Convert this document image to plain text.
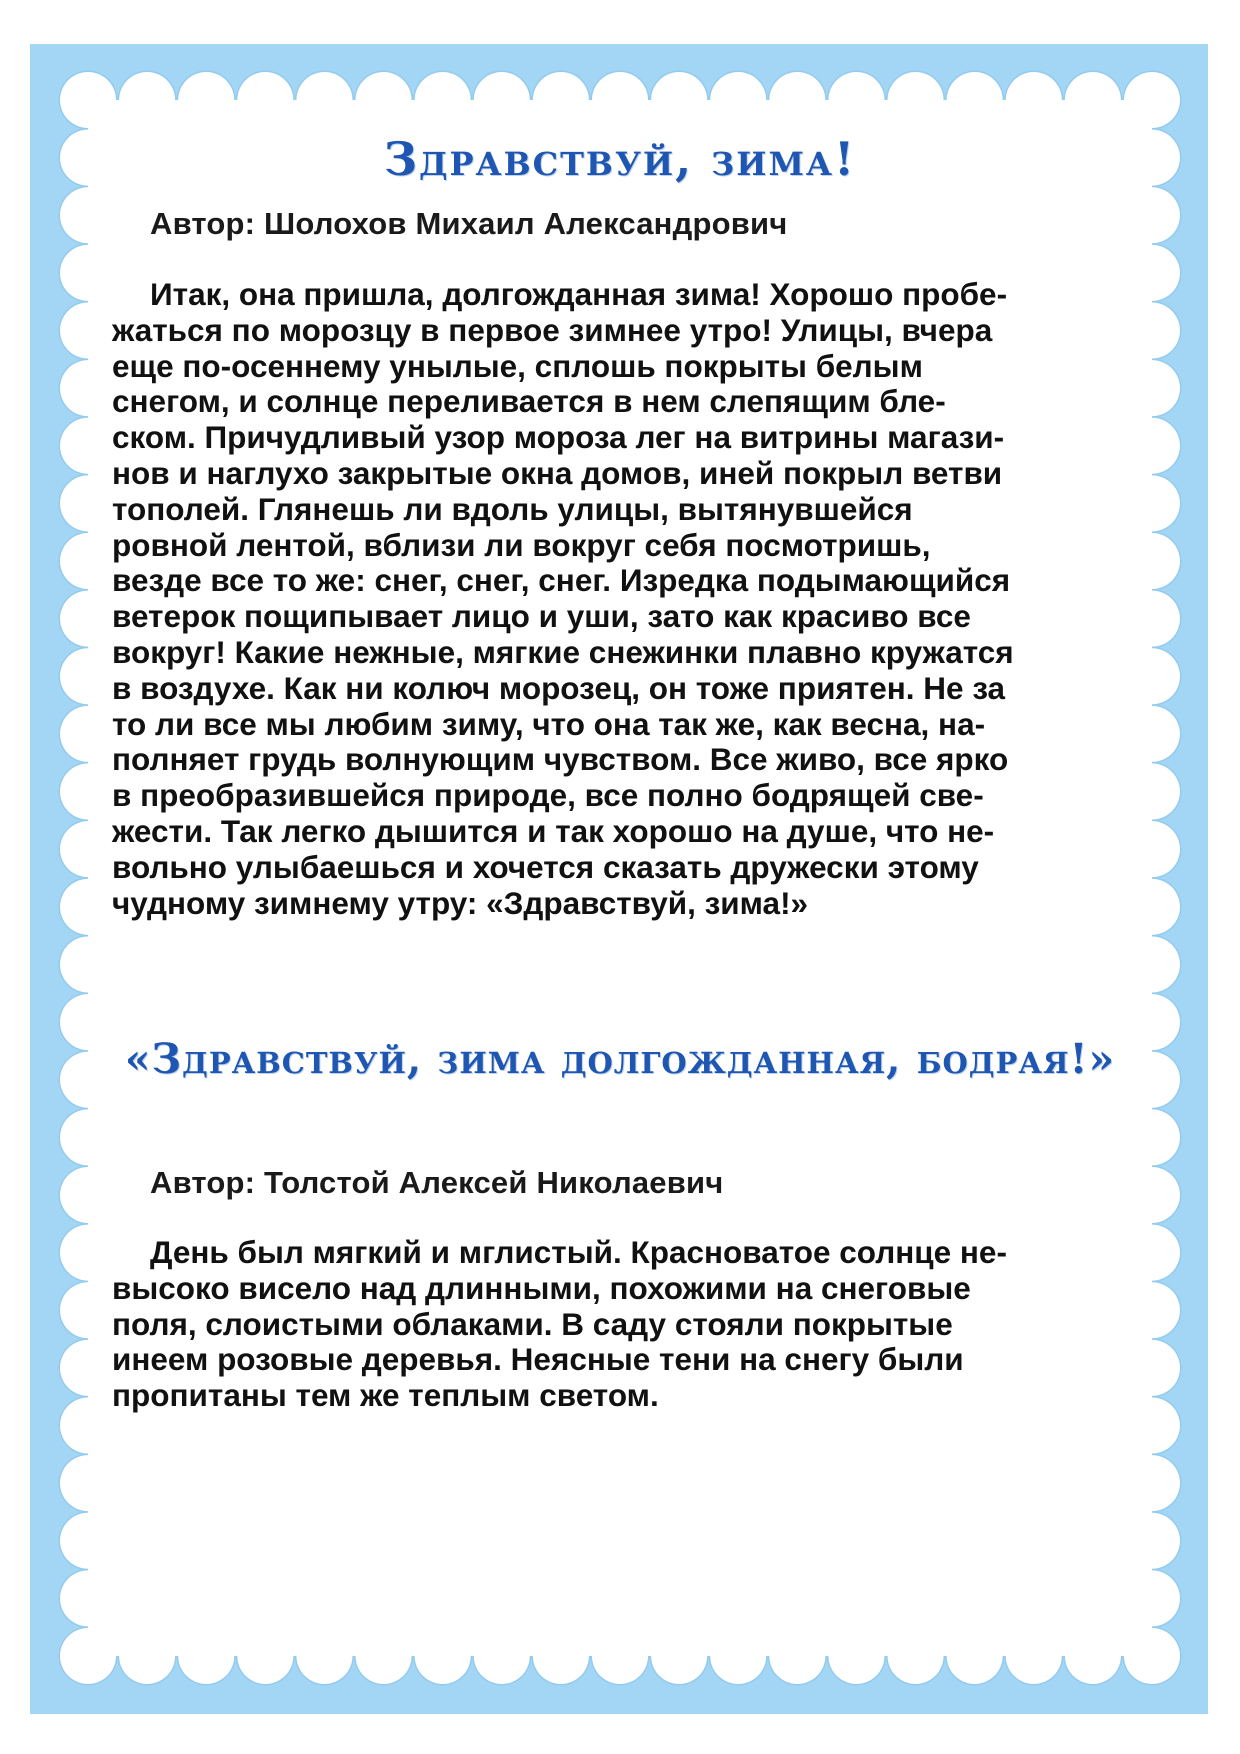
Здравствуй, зима!
Автор: Шолохов Михаил Александрович
Итак, она пришла, долгожданная зима! Хорошо пробе-
жаться по морозцу в первое зимнее утро! Улицы, вчера
еще по-осеннему унылые, сплошь покрыты белым
снегом, и солнце переливается в нем слепящим бле-
ском. Причудливый узор мороза лег на витрины магази-
нов и наглухо закрытые окна домов, иней покрыл ветви
тополей. Глянешь ли вдоль улицы, вытянувшейся
ровной лентой, вблизи ли вокруг себя посмотришь,
везде все то же: снег, снег, снег. Изредка подымающийся
ветерок пощипывает лицо и уши, зато как красиво все
вокруг! Какие нежные, мягкие снежинки плавно кружатся
в воздухе. Как ни колюч морозец, он тоже приятен. Не за
то ли все мы любим зиму, что она так же, как весна, на-
полняет грудь волнующим чувством. Все живо, все ярко
в преобразившейся природе, все полно бодрящей све-
жести. Так легко дышится и так хорошо на душе, что не-
вольно улыбаешься и хочется сказать дружески этому
чудному зимнему утру: «Здравствуй, зима!»
«Здравствуй, зима долгожданная, бодрая!»
Автор: Толстой Алексей Николаевич
День был мягкий и мглистый. Красноватое солнце не-
высоко висело над длинными, похожими на снеговые
поля, слоистыми облаками. В саду стояли покрытые
инеем розовые деревья. Неясные тени на снегу были
пропитаны тем же теплым светом.
